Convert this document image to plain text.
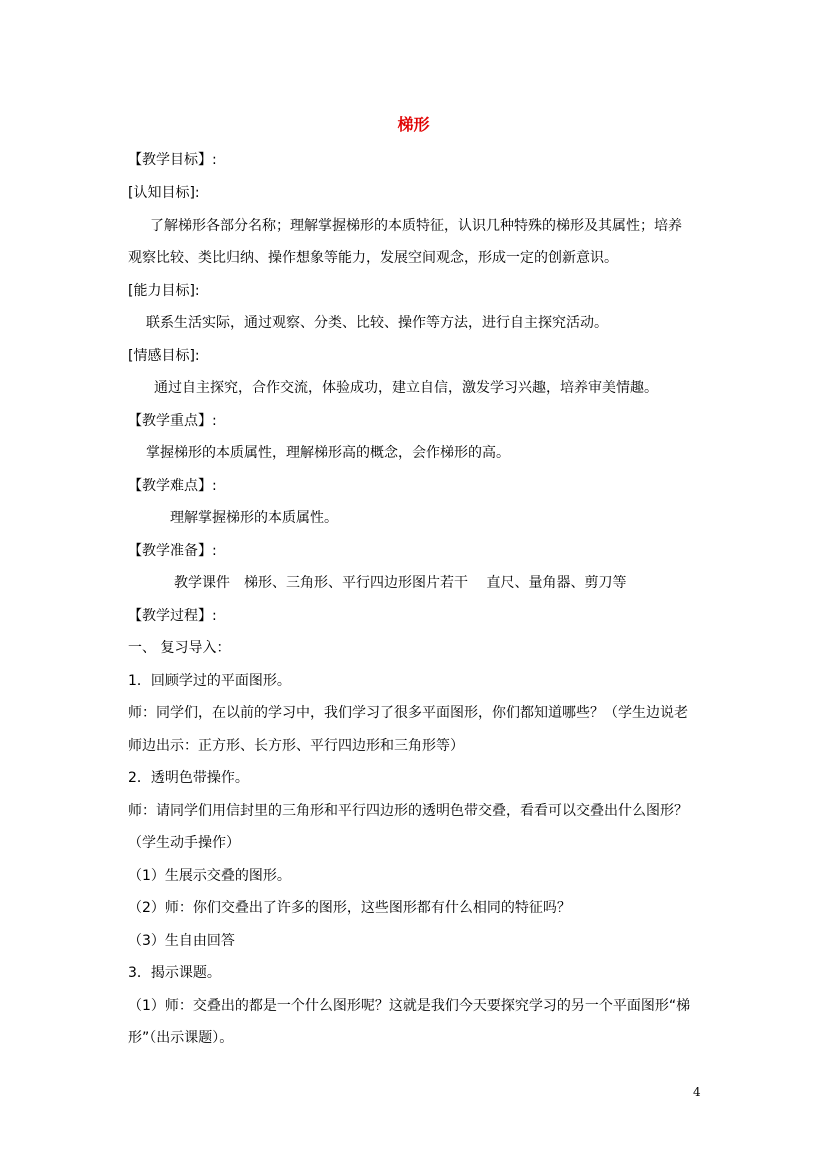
梯形
【教学目标】:
[认知目标]:
了解梯形各部分名称；理解掌握梯形的本质特征，认识几种特殊的梯形及其属性；培养
观察比较、类比归纳、操作想象等能力，发展空间观念，形成一定的创新意识。
[能力目标]:
联系生活实际，通过观察、分类、比较、操作等方法，进行自主探究活动。
[情感目标]:
通过自主探究，合作交流，体验成功，建立自信，激发学习兴趣，培养审美情趣。
【教学重点】:
掌握梯形的本质属性，理解梯形高的概念，会作梯形的高。
【教学难点】:
理解掌握梯形的本质属性。
【教学准备】:
教学课件　梯形、三角形、平行四边形图片若干　 直尺、量角器、剪刀等
【教学过程】:
一、 复习导入：
1．回顾学过的平面图形。
师：同学们，在以前的学习中，我们学习了很多平面图形，你们都知道哪些？（学生边说老
师边出示：正方形、长方形、平行四边形和三角形等）
2．透明色带操作。
师：请同学们用信封里的三角形和平行四边形的透明色带交叠，看看可以交叠出什么图形？
（学生动手操作）
（1）生展示交叠的图形。
（2）师：你们交叠出了许多的图形，这些图形都有什么相同的特征吗？
（3）生自由回答
3．揭示课题。
（1）师：交叠出的都是一个什么图形呢？这就是我们今天要探究学习的另一个平面图形“梯
形”（出示课题）。
4
